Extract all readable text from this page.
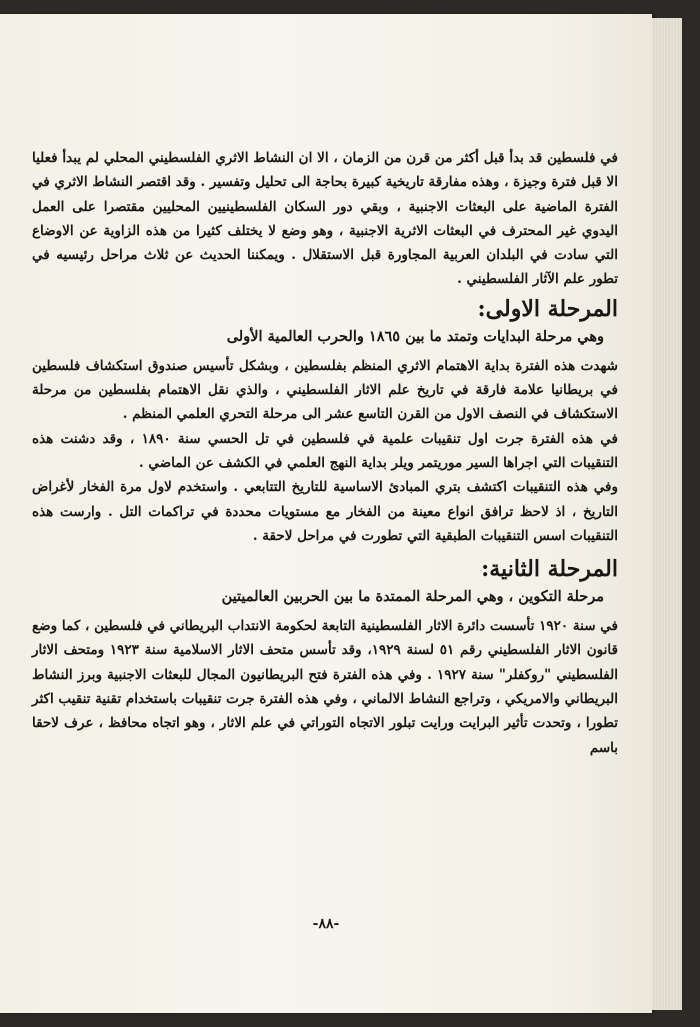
في فلسطين قد بدأ قبل أكثر من قرن من الزمان ، الا ان النشاط الاثري الفلسطيني المحلي لم يبدأ فعليا الا قبل فترة وجيزة ، وهذه مفارقة تاريخية كبيرة بحاجة الى تحليل وتفسير . وقد اقتصر النشاط الاثري في الفترة الماضية على البعثات الاجنبية ، وبقي دور السكان الفلسطينيين المحليين مقتصرا على العمل اليدوي غير المحترف في البعثات الاثرية الاجنبية ، وهو وضع لا يختلف كثيرا من هذه الزاوية عن الاوضاع التي سادت في البلدان العربية المجاورة قبل الاستقلال . ويمكننا الحديث عن ثلاث مراحل رئيسيه في تطور علم الآثار الفلسطيني .

المرحلة الاولى:
وهي مرحلة البدايات وتمتد ما بين ١٨٦٥ والحرب العالمية الأولى

شهدت هذه الفترة بداية الاهتمام الاثري المنظم بفلسطين ، وبشكل تأسيس صندوق استكشاف فلسطين في بريطانيا علامة فارقة في تاريخ علم الاثار الفلسطيني ، والذي نقل الاهتمام بفلسطين من مرحلة الاستكشاف في النصف الاول من القرن التاسع عشر الى مرحلة التحري العلمي المنظم .

في هذه الفترة جرت اول تنقيبات علمية في فلسطين في تل الحسي سنة ١٨٩٠ ، وقد دشنت هذه التنقيبات التي اجراها السير موريتمر ويلر بداية النهج العلمي في الكشف عن الماضي .

وفي هذه التنقيبات اكتشف بتري المبادئ الاساسية للتاريخ التتابعي . واستخدم لاول مرة الفخار لأغراض التاريخ ، اذ لاحظ ترافق انواع معينة من الفخار مع مستويات محددة في تراكمات التل . وارست هذه التنقيبات اسس التنقيبات الطبقية التي تطورت في مراحل لاحقة .

المرحلة الثانية:
مرحلة التكوين ، وهي المرحلة الممتدة ما بين الحربين العالميتين

في سنة ١٩٢٠ تأسست دائرة الاثار الفلسطينية التابعة لحكومة الانتداب البريطاني في فلسطين ، كما وضع قانون الاثار الفلسطيني رقم ٥١ لسنة ١٩٢٩، وقد تأسس متحف الاثار الاسلامية سنة ١٩٢٣ ومتحف الاثار الفلسطيني "روكفلر" سنة ١٩٢٧ . وفي هذه الفترة فتح البريطانيون المجال للبعثات الاجنبية وبرز النشاط البريطاني والامريكي ، وتراجع النشاط الالماني ، وفي هذه الفترة جرت تنقيبات باستخدام تقنية تنقيب اكثر تطورا ، وتحدت تأثير البرايت ورايت تبلور الاتجاه التوراتي في علم الاثار ، وهو اتجاه محافظ ، عرف لاحقا باسم

-٨٨-
